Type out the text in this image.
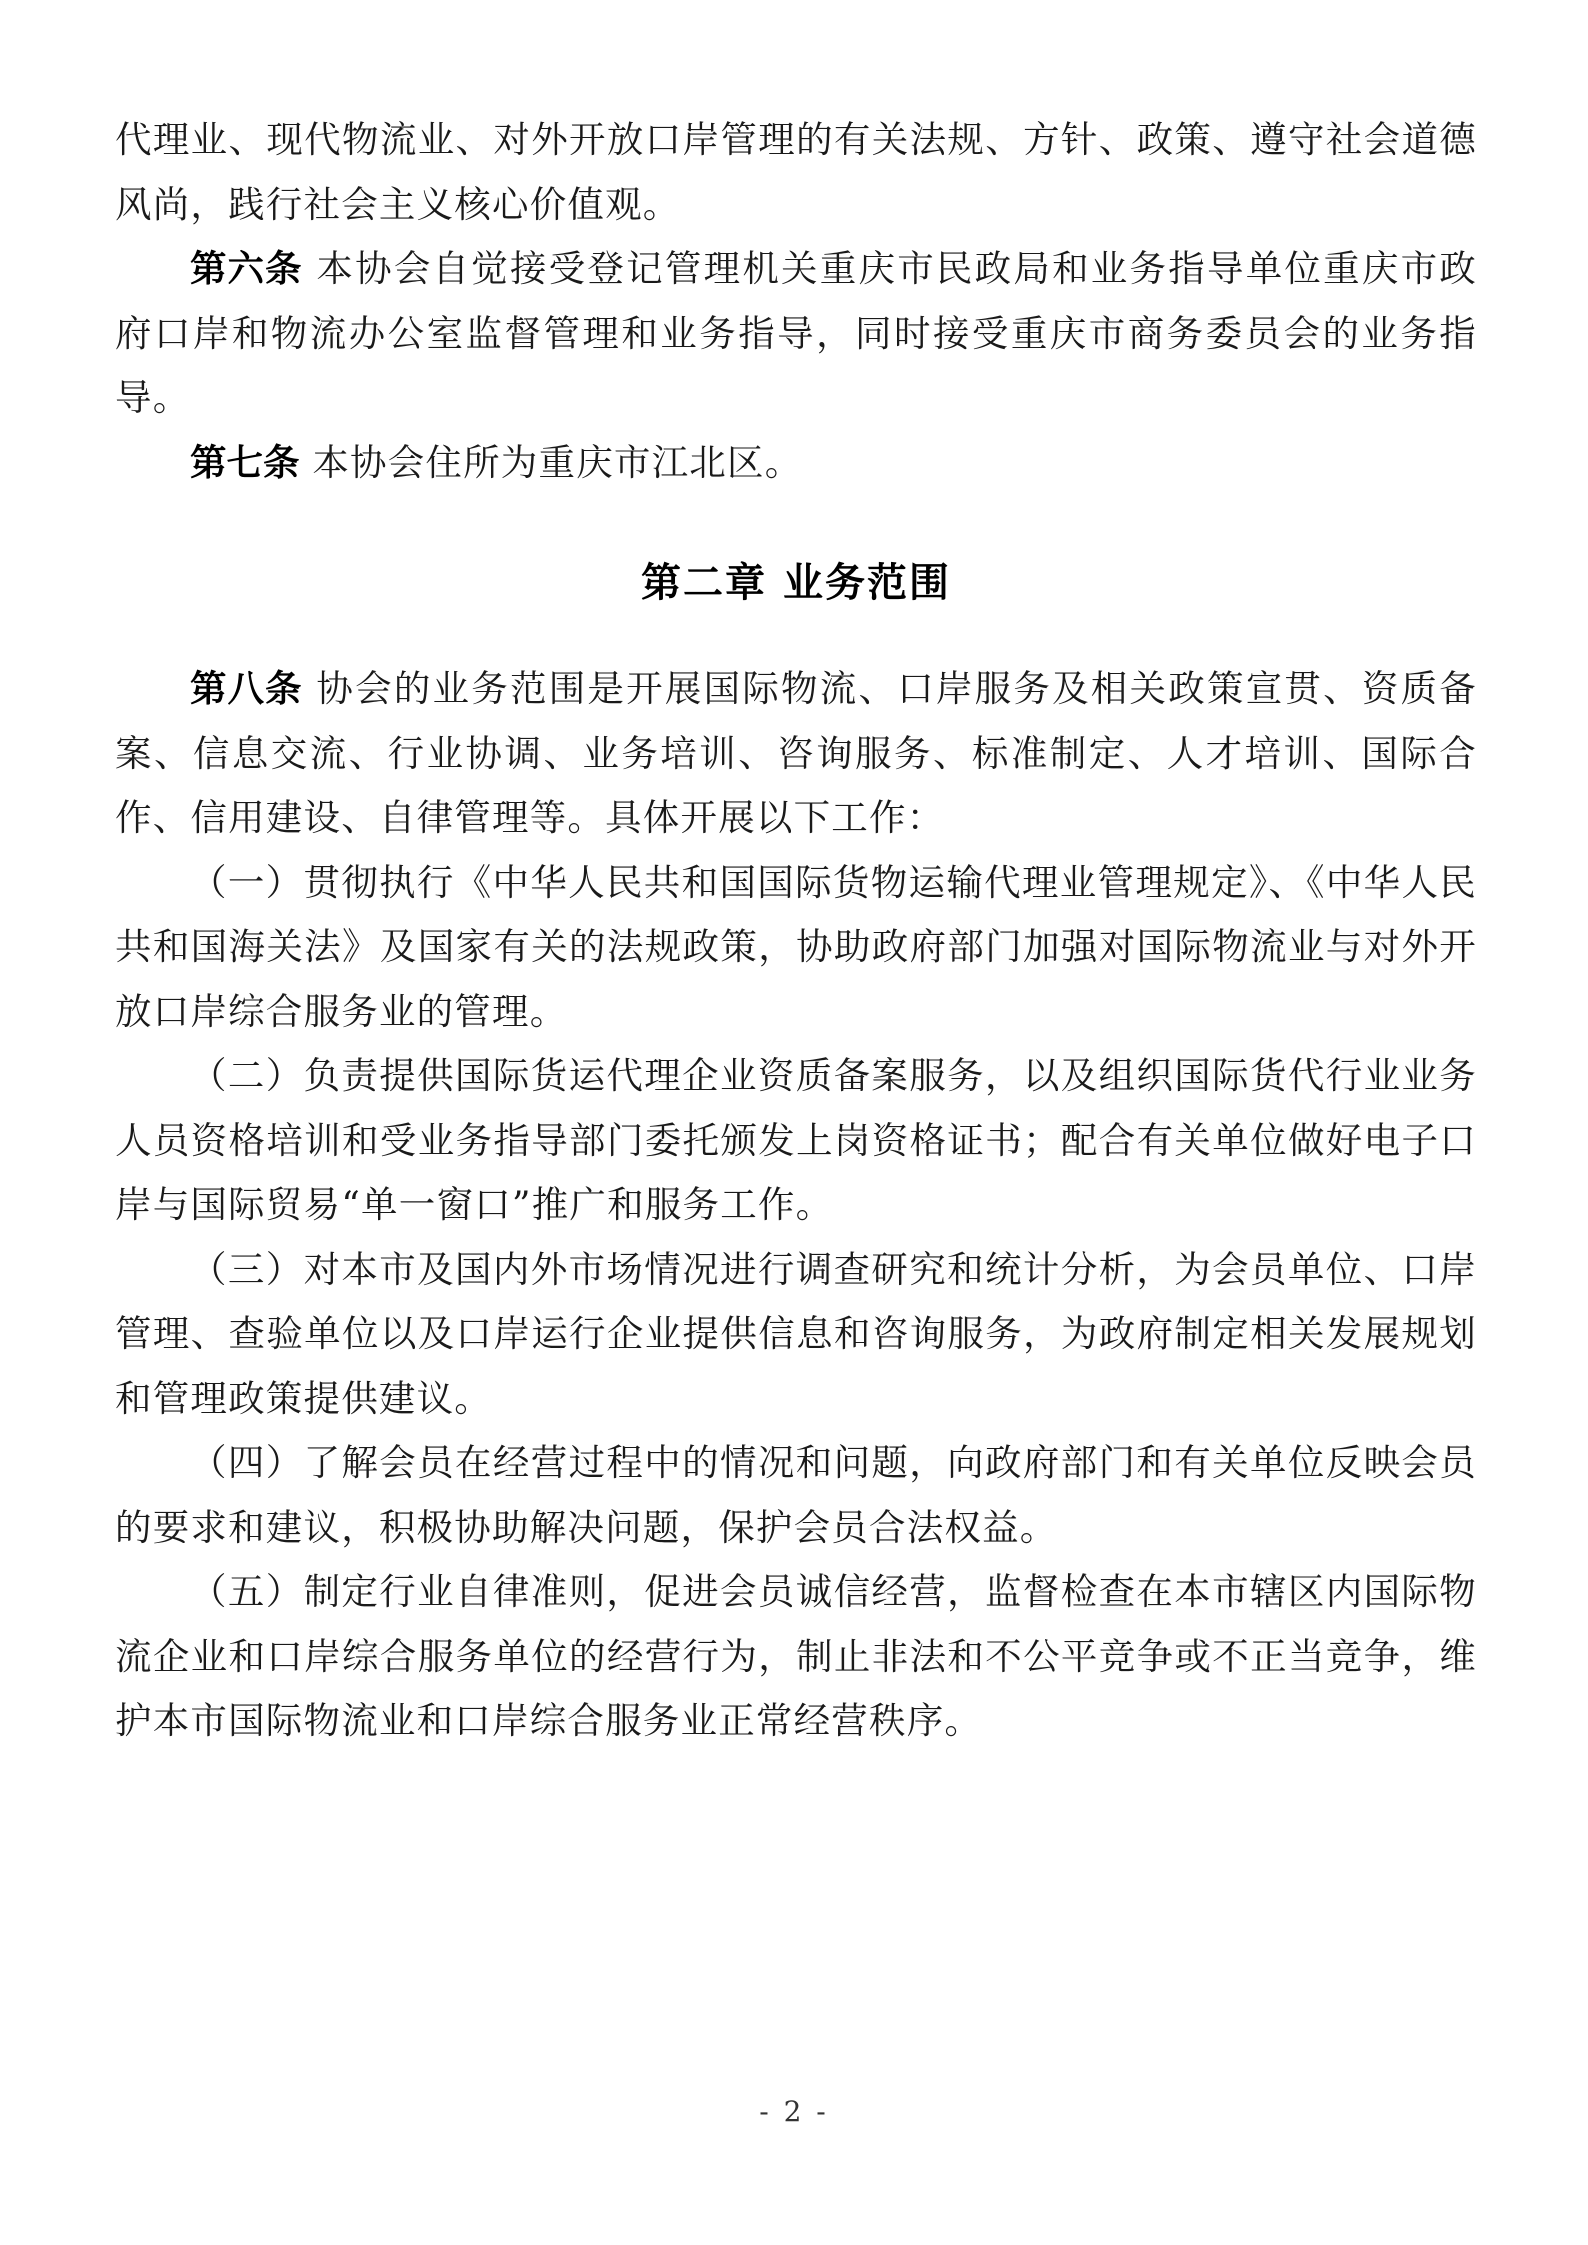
代理业、现代物流业、对外开放口岸管理的有关法规、方针、政策、遵守社会道德风尚，践行社会主义核心价值观。

第六条 本协会自觉接受登记管理机关重庆市民政局和业务指导单位重庆市政府口岸和物流办公室监督管理和业务指导，同时接受重庆市商务委员会的业务指导。

第七条 本协会住所为重庆市江北区。

第二章 业务范围

第八条 协会的业务范围是开展国际物流、口岸服务及相关政策宣贯、资质备案、信息交流、行业协调、业务培训、咨询服务、标准制定、人才培训、国际合作、信用建设、自律管理等。具体开展以下工作：

（一）贯彻执行《中华人民共和国国际货物运输代理业管理规定》、《中华人民共和国海关法》及国家有关的法规政策，协助政府部门加强对国际物流业与对外开放口岸综合服务业的管理。

（二）负责提供国际货运代理企业资质备案服务，以及组织国际货代行业业务人员资格培训和受业务指导部门委托颁发上岗资格证书；配合有关单位做好电子口岸与国际贸易“单一窗口”推广和服务工作。

（三）对本市及国内外市场情况进行调查研究和统计分析，为会员单位、口岸管理、查验单位以及口岸运行企业提供信息和咨询服务，为政府制定相关发展规划和管理政策提供建议。

（四）了解会员在经营过程中的情况和问题，向政府部门和有关单位反映会员的要求和建议，积极协助解决问题，保护会员合法权益。

（五）制定行业自律准则，促进会员诚信经营，监督检查在本市辖区内国际物流企业和口岸综合服务单位的经营行为，制止非法和不公平竞争或不正当竞争，维护本市国际物流业和口岸综合服务业正常经营秩序。

- 2 -
